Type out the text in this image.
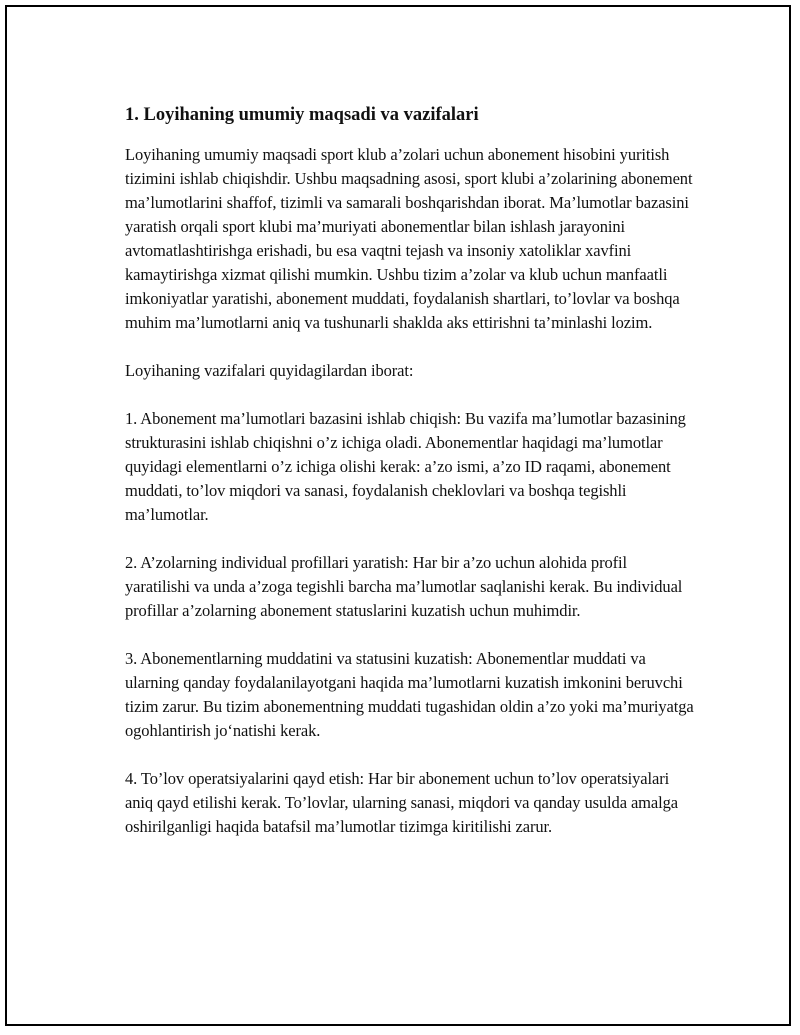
1. Loyihaning umumiy maqsadi va vazifalari

Loyihaning umumiy maqsadi sport klub a’zolari uchun abonement hisobini yuritish tizimini ishlab chiqishdir. Ushbu maqsadning asosi, sport klubi a’zolarining abonement ma’lumotlarini shaffof, tizimli va samarali boshqarishdan iborat. Ma’lumotlar bazasini yaratish orqali sport klubi ma’muriyati abonementlar bilan ishlash jarayonini avtomatlashtirishga erishadi, bu esa vaqtni tejash va insoniy xatoliklar xavfini kamaytirishga xizmat qilishi mumkin. Ushbu tizim a’zolar va klub uchun manfaatli imkoniyatlar yaratishi, abonement muddati, foydalanish shartlari, to’lovlar va boshqa muhim ma’lumotlarni aniq va tushunarli shaklda aks ettirishni ta’minlashi lozim.

Loyihaning vazifalari quyidagilardan iborat:

1. Abonement ma’lumotlari bazasini ishlab chiqish: Bu vazifa ma’lumotlar bazasining strukturasini ishlab chiqishni o’z ichiga oladi. Abonementlar haqidagi ma’lumotlar quyidagi elementlarni o’z ichiga olishi kerak: a’zo ismi, a’zo ID raqami, abonement muddati, to’lov miqdori va sanasi, foydalanish cheklovlari va boshqa tegishli ma’lumotlar.

2. A’zolarning individual profillari yaratish: Har bir a’zo uchun alohida profil yaratilishi va unda a’zoga tegishli barcha ma’lumotlar saqlanishi kerak. Bu individual profillar a’zolarning abonement statuslarini kuzatish uchun muhimdir.

3. Abonementlarning muddatini va statusini kuzatish: Abonementlar muddati va ularning qanday foydalanilayotgani haqida ma’lumotlarni kuzatish imkonini beruvchi tizim zarur. Bu tizim abonementning muddati tugashidan oldin a’zo yoki ma’muriyatga ogohlantirish jo‘natishi kerak.

4. To’lov operatsiyalarini qayd etish: Har bir abonement uchun to’lov operatsiyalari aniq qayd etilishi kerak. To’lovlar, ularning sanasi, miqdori va qanday usulda amalga oshirilganligi haqida batafsil ma’lumotlar tizimga kiritilishi zarur.
